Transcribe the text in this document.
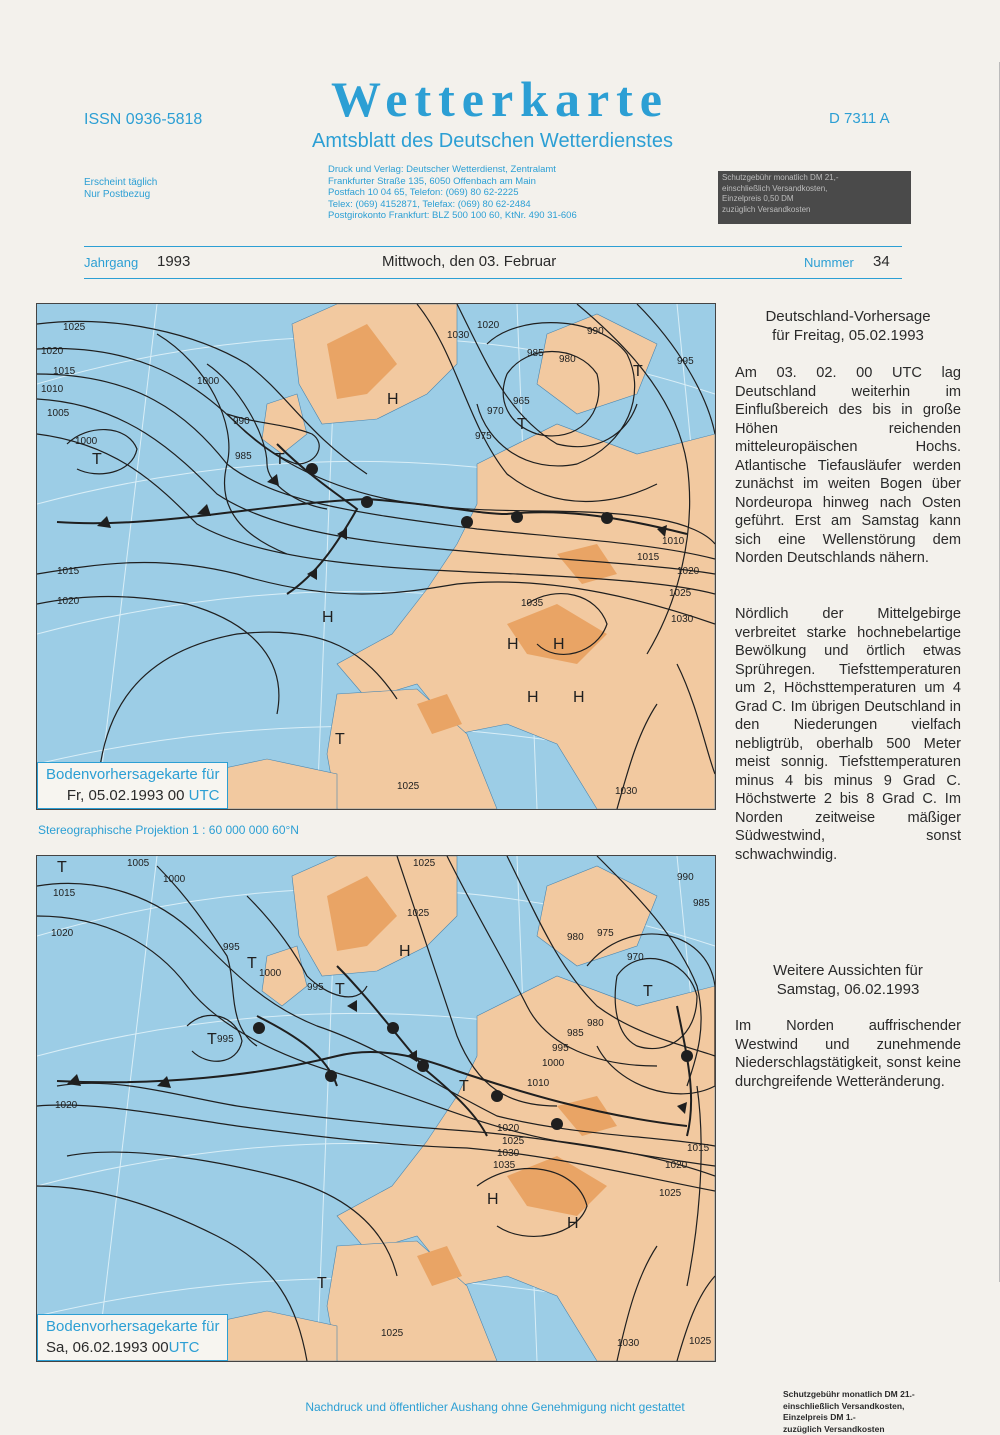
ISSN 0936-5818	Wetterkarte
Amtsblatt des Deutschen Wetterdienstes
D 7311 A
Erscheint täglich
Nur Postbezug
Druck und Verlag: Deutscher Wetterdienst, Zentralamt
Frankfurter Straße 135, 6050 Offenbach am Main
Postfach 10 04 65, Telefon: (069) 80 62-2225
Telex: (069) 4152871, Telefax: (069) 80 62-2484
Postgirokonto Frankfurt: BLZ 500 100 60, KtNr. 490 31-606
Schutzgebühr monatlich DM 21,-
einschließlich Versandkosten,
Einzelpreis 0,50 DM
zuzüglich Versandkosten
Jahrgang 1993	Mittwoch, den 03. Februar	Nummer 34
H
T
T
T
H
H H
H H
T
T
1025
1020
1015
1010
1005
1000
990
985
1000
965
970
975
985
980
990
995
1030
1020
1010
1015
1020
1025
1030
1035
1015
1020
1025	1030
Bodenvorhersagekarte für
Fr, 05.02.1993 00 UTC
Stereographische Projektion 1 : 60 000 000 60°N
T
T
T
H
T
T
T
H
H
T
1005
1000
1015
1020
995
1000
995
995
1025
1025
980 975
970
990
985
980
985
995
1000
1010
1020
1025
1030
1035
1015
1020
1025
1020
1025
1030	1025
Bodenvorhersagekarte für
Sa, 06.02.1993 00UTC
Deutschland-Vorhersage
für Freitag, 05.02.1993
Am 03. 02. 00 UTC lag Deutschland weiterhin im Einflußbereich des bis in große Höhen reichenden mitteleuropäischen Hochs. Atlantische Tiefausläufer werden zunächst im weiten Bogen über Nordeuropa hinweg nach Osten geführt. Erst am Samstag kann sich eine Wellenstörung dem Norden Deutschlands nähern.
Nördlich der Mittelgebirge verbreitet starke hochnebelartige Bewölkung und örtlich etwas Sprühregen. Tiefsttemperaturen um 2, Höchsttemperaturen um 4 Grad C. Im übrigen Deutschland in den Niederungen vielfach nebligtrüb, oberhalb 500 Meter meist sonnig. Tiefsttemperaturen minus 4 bis minus 9 Grad C. Höchstwerte 2 bis 8 Grad C. Im Norden zeitweise mäßiger Südwestwind, sonst schwachwindig.
Weitere Aussichten für
Samstag, 06.02.1993
Im Norden auffrischender Westwind und zunehmende Niederschlagstätigkeit, sonst keine durchgreifende Wetteränderung.
Schutzgebühr monatlich DM 21.-
einschließlich Versandkosten,
Einzelpreis DM 1.-
zuzüglich Versandkosten
Nachdruck und öffentlicher Aushang ohne Genehmigung nicht gestattet
